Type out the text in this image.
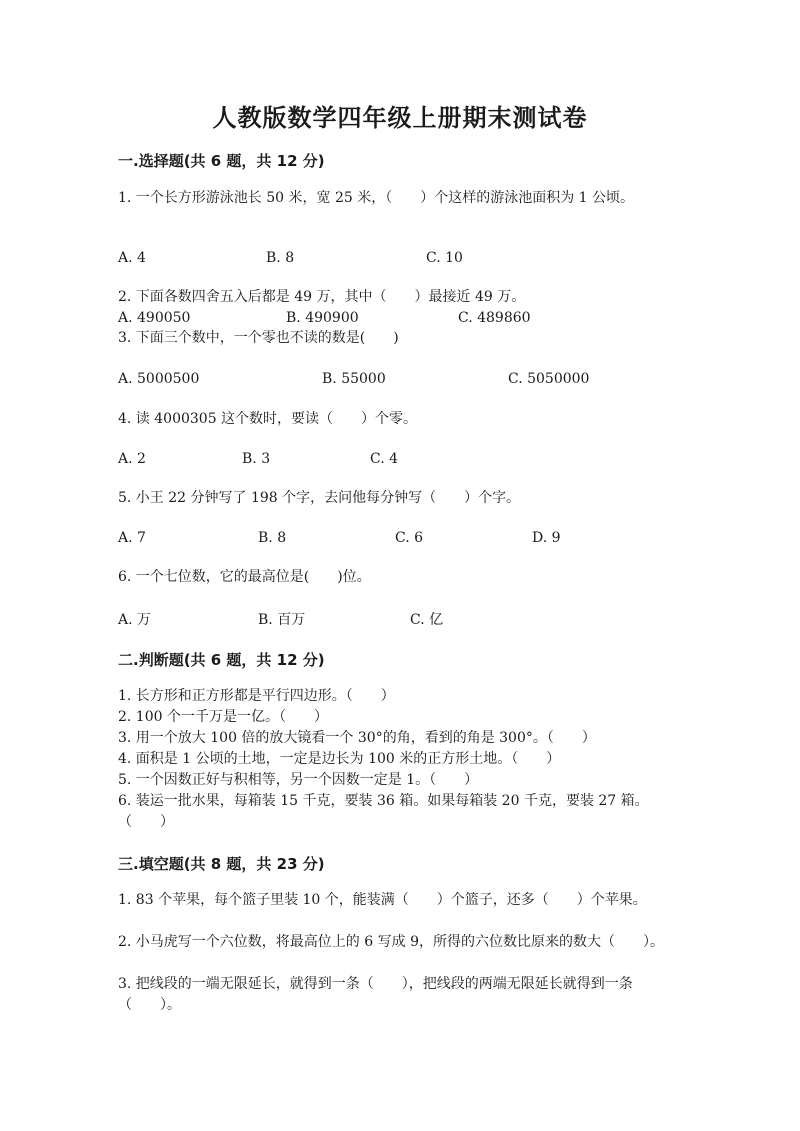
人教版数学四年级上册期末测试卷
一.选择题(共 6 题，共 12 分)
1. 一个长方形游泳池长 50 米，宽 25 米，（　　）个这样的游泳池面积为 1 公顷。
A. 4	B. 8	C. 10
2. 下面各数四舍五入后都是 49 万，其中（　　）最接近 49 万。
A. 490050	B. 490900	C. 489860
3. 下面三个数中，一个零也不读的数是(　　)
A. 5000500	B. 55000	C. 5050000
4. 读 4000305 这个数时，要读（　　）个零。
A. 2	B. 3	C. 4
5. 小王 22 分钟写了 198 个字，去问他每分钟写（　　）个字。
A. 7	B. 8	C. 6	D. 9
6. 一个七位数，它的最高位是(　　)位。
A. 万	B. 百万	C. 亿
二.判断题(共 6 题，共 12 分)
1. 长方形和正方形都是平行四边形。（　　）
2. 100 个一千万是一亿。（　　）
3. 用一个放大 100 倍的放大镜看一个 30°的角，看到的角是 300°。（　　）
4. 面积是 1 公顷的土地，一定是边长为 100 米的正方形土地。（　　）
5. 一个因数正好与积相等，另一个因数一定是 1。（　　）
6. 装运一批水果，每箱装 15 千克，要装 36 箱。如果每箱装 20 千克，要装 27 箱。（　　）
三.填空题(共 8 题，共 23 分)
1. 83 个苹果，每个篮子里装 10 个，能装满（　　）个篮子，还多（　　）个苹果。
2. 小马虎写一个六位数，将最高位上的 6 写成 9，所得的六位数比原来的数大（　　）。
3. 把线段的一端无限延长，就得到一条（　　），把线段的两端无限延长就得到一条（　　）。
